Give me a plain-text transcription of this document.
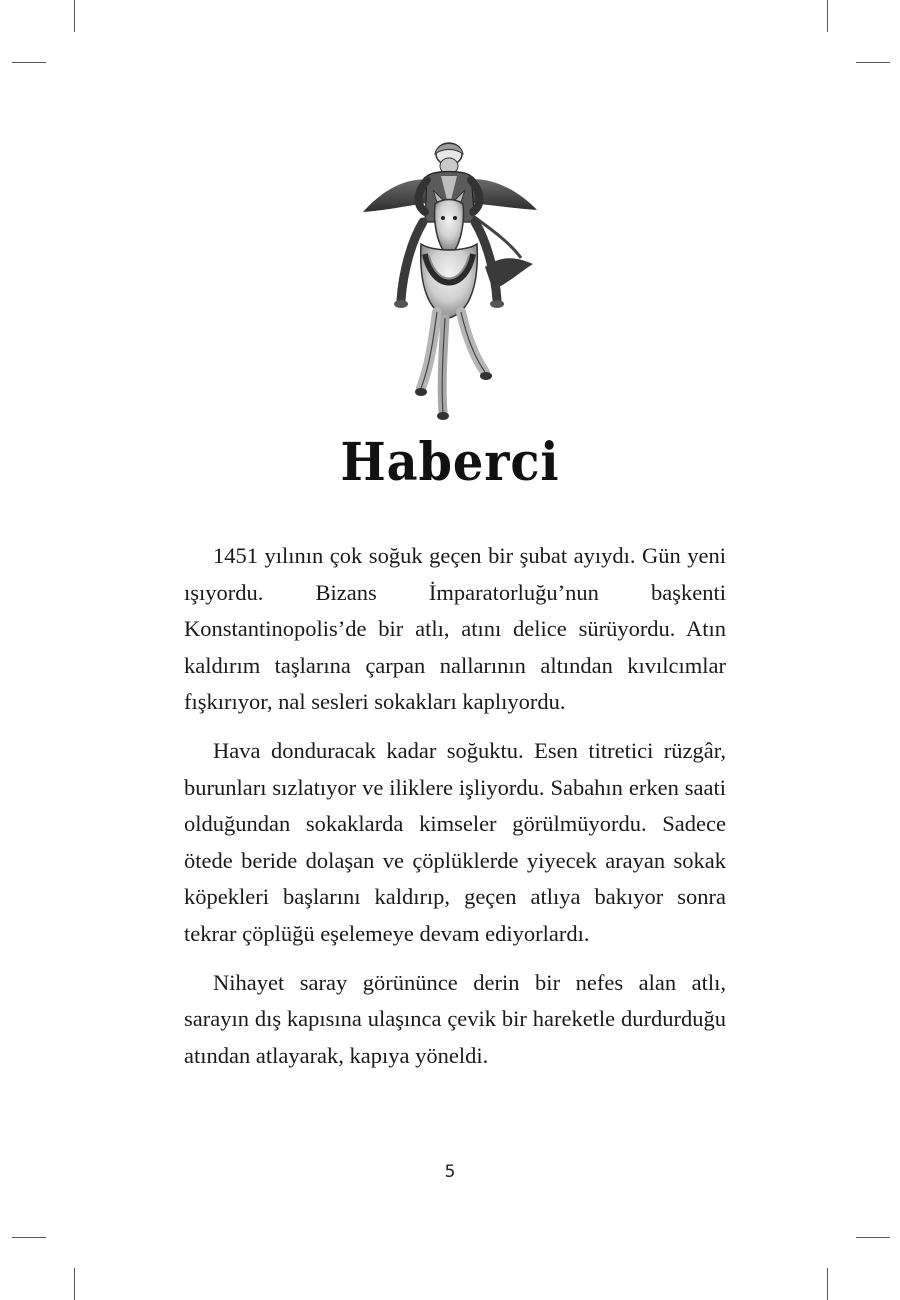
Haberci

1451 yılının çok soğuk geçen bir şubat ayıydı. Gün yeni ışıyordu. Bizans İmparatorluğu’nun başkenti Konstantinopolis’de bir atlı, atını delice sürüyordu. Atın kaldırım taşlarına çarpan nallarının altından kıvılcımlar fışkırıyor, nal sesleri sokakları kaplıyordu.

Hava donduracak kadar soğuktu. Esen titretici rüzgâr, burunları sızlatıyor ve iliklere işliyordu. Sabahın erken saati olduğundan sokaklarda kimseler görülmüyordu. Sadece ötede beride dolaşan ve çöplüklerde yiyecek arayan sokak köpekleri başlarını kaldırıp, geçen atlıya bakıyor sonra tekrar çöplüğü eşelemeye devam ediyorlardı.

Nihayet saray görününce derin bir nefes alan atlı, sarayın dış kapısına ulaşınca çevik bir hareketle durdurduğu atından atlayarak, kapıya yöneldi.

5
